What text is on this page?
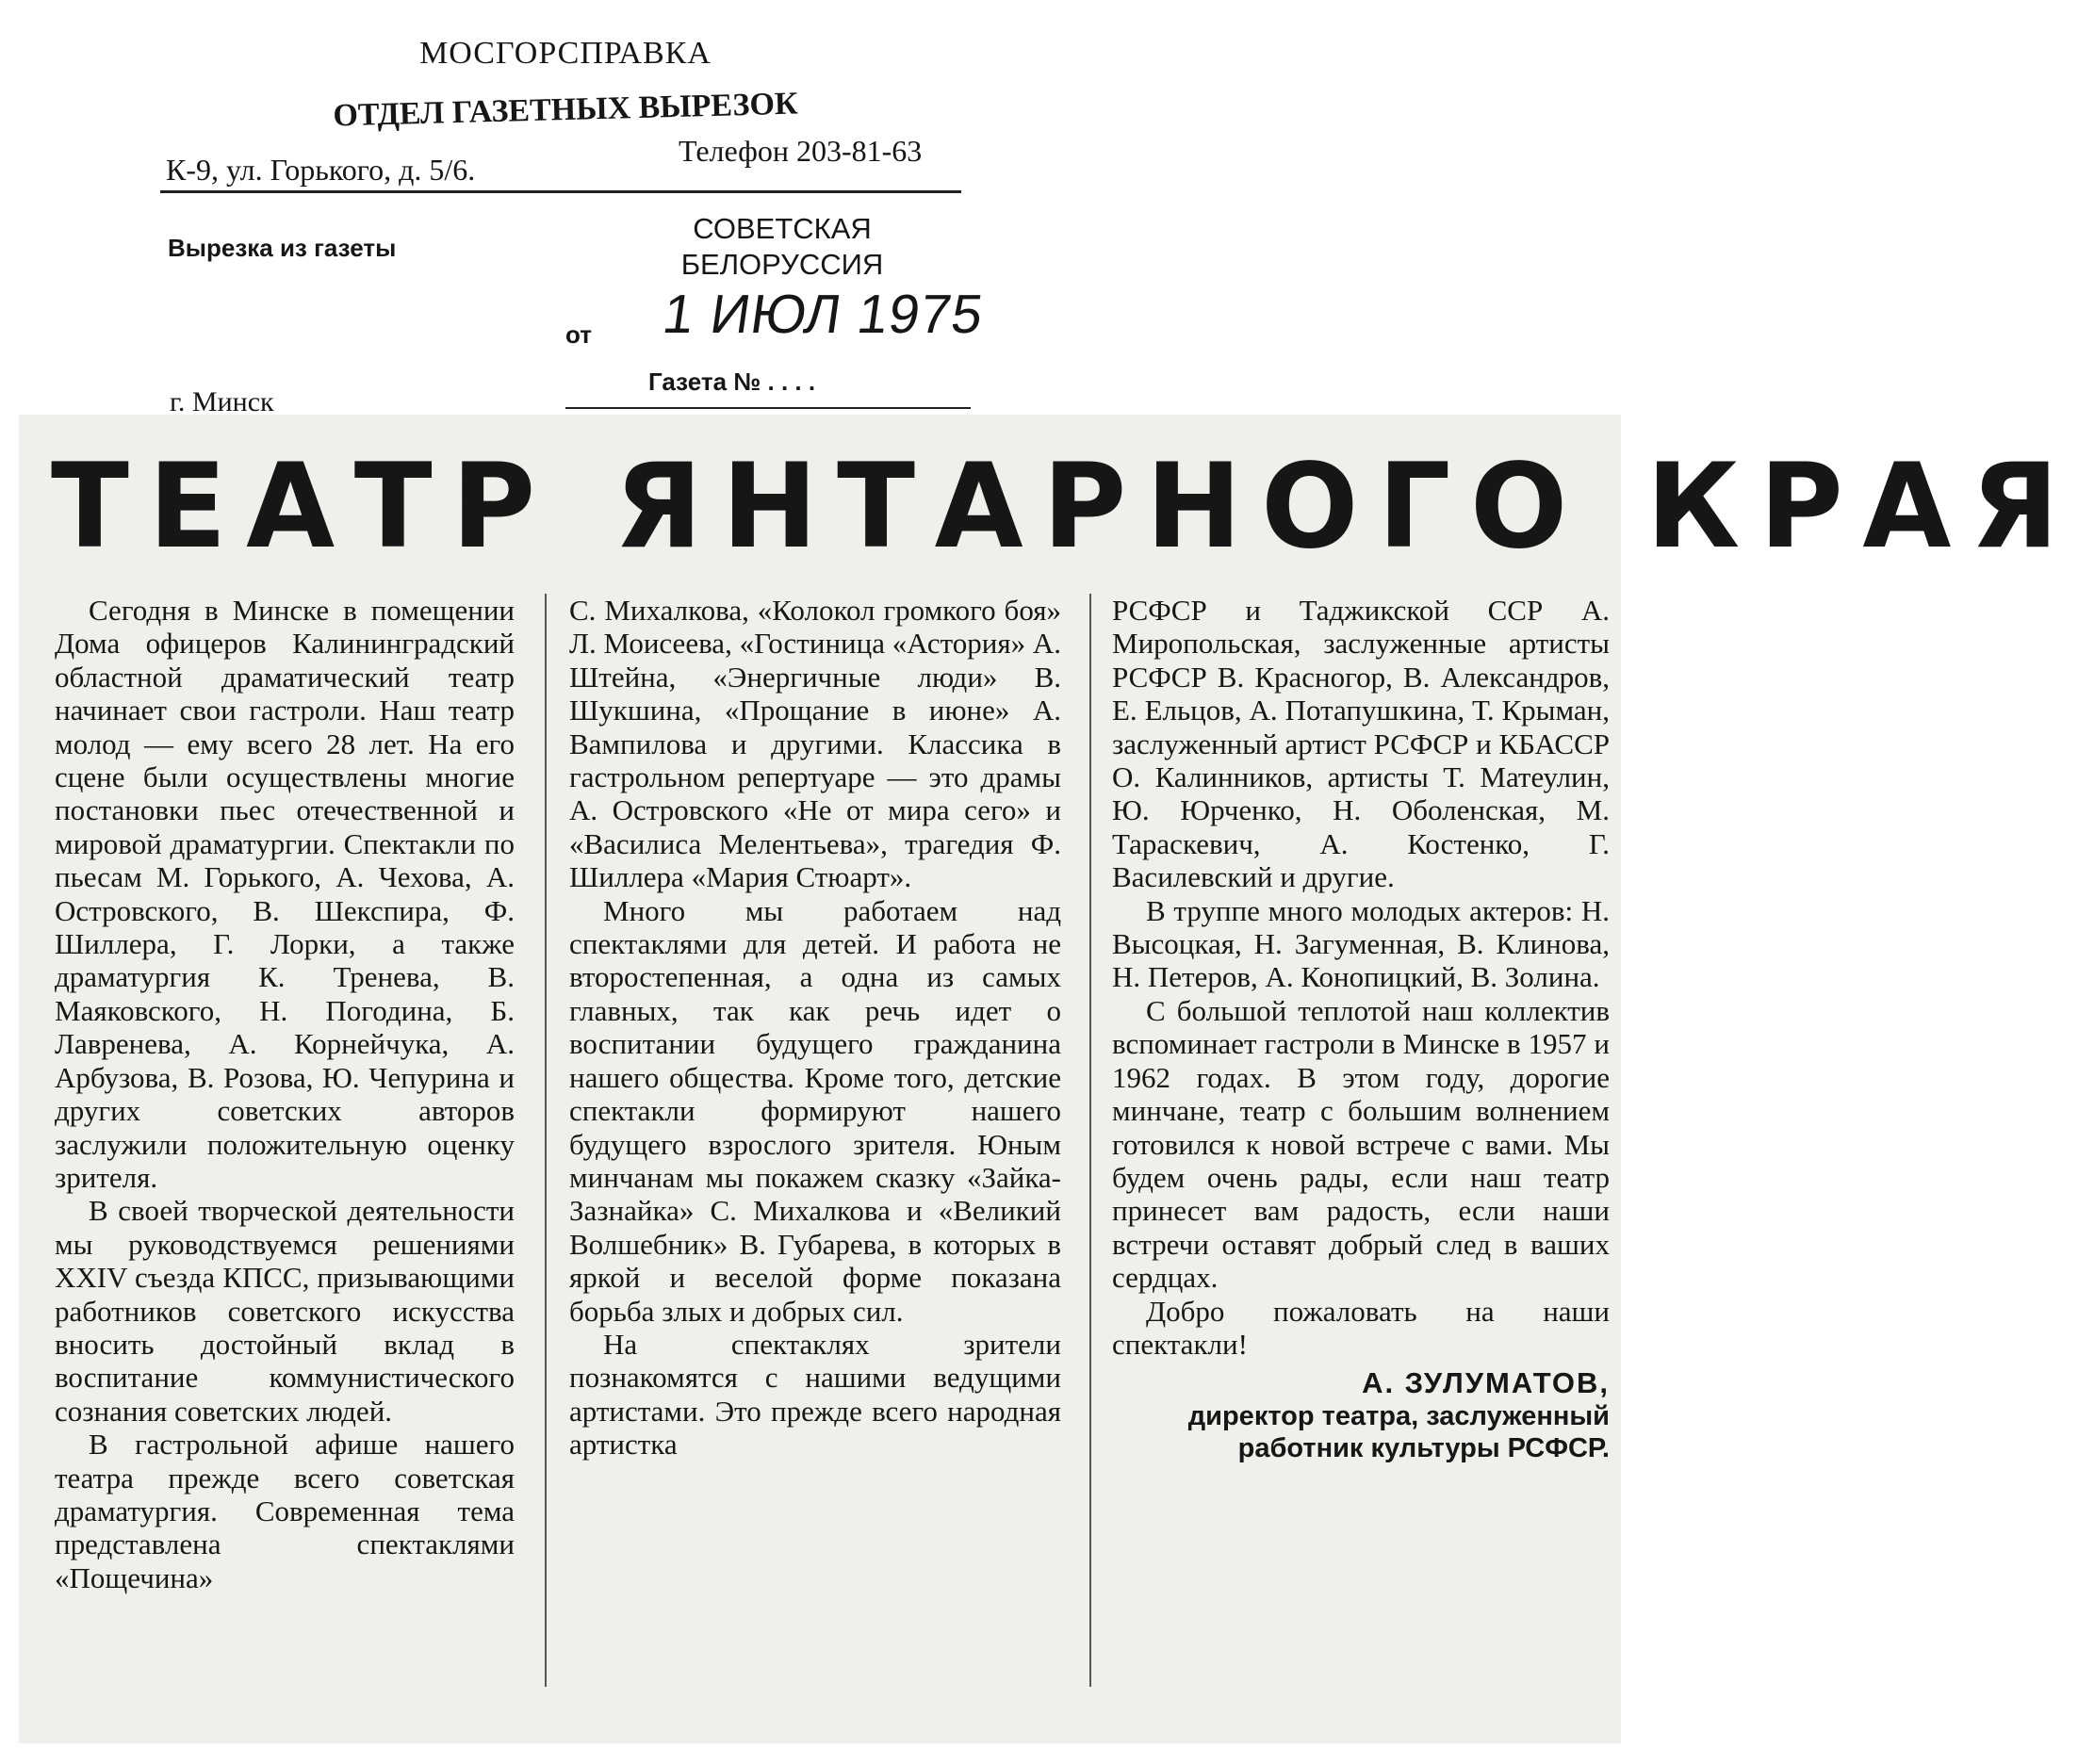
МОСГОРСПРАВКА
ОТДЕЛ ГАЗЕТНЫХ ВЫРЕЗОК
К-9, ул. Горького, д. 5/6.
Телефон 203-81-63
Вырезка из газеты
СОВЕТСКАЯ БЕЛОРУССИЯ
от 1 ИЮЛ 1975
Газета № . . . .
г. Минск
ТЕАТР ЯНТАРНОГО КРАЯ

Сегодня в Минске в помещении Дома офицеров Калининградский областной драматический театр начинает свои гастроли. Наш театр молод — ему всего 28 лет. На его сцене были осуществлены многие постановки пьес отечественной и мировой драматургии. Спектакли по пьесам М. Горького, А. Чехова, А. Островского, В. Шекспира, Ф. Шиллера, Г. Лорки, а также драматургия К. Тренева, В. Маяковского, Н. Погодина, Б. Лавренева, А. Корнейчука, А. Арбузова, В. Розова, Ю. Чепурина и других советских авторов заслужили положительную оценку зрителя.

В своей творческой деятельности мы руководствуемся решениями XXIV съезда КПСС, призывающими работников советского искусства вносить достойный вклад в воспитание коммунистического сознания советских людей.

В гастрольной афише нашего театра прежде всего советская драматургия. Современная тема представлена спектаклями «Пощечина»

С. Михалкова, «Колокол громкого боя» Л. Моисеева, «Гостиница «Астория» А. Штейна, «Энергичные люди» В. Шукшина, «Прощание в июне» А. Вампилова и другими. Классика в гастрольном репертуаре — это драмы А. Островского «Не от мира сего» и «Василиса Мелентьева», трагедия Ф. Шиллера «Мария Стюарт».

Много мы работаем над спектаклями для детей. И работа не второстепенная, а одна из самых главных, так как речь идет о воспитании будущего гражданина нашего общества. Кроме того, детские спектакли формируют нашего будущего взрослого зрителя. Юным минчанам мы покажем сказку «Зайка-Зазнайка» С. Михалкова и «Великий Волшебник» В. Губарева, в которых в яркой и веселой форме показана борьба злых и добрых сил.

На спектаклях зрители познакомятся с нашими ведущими артистами. Это прежде всего народная артистка

РСФСР и Таджикской ССР А. Миропольская, заслуженные артисты РСФСР В. Красногор, В. Александров, Е. Ельцов, А. Потапушкина, Т. Крыман, заслуженный артист РСФСР и КБАССР О. Калинников, артисты Т. Матеулин, Ю. Юрченко, Н. Оболенская, М. Тараскевич, А. Костенко, Г. Василевский и другие.

В труппе много молодых актеров: Н. Высоцкая, Н. Загуменная, В. Клинова, Н. Петеров, А. Конопицкий, В. Золина.

С большой теплотой наш коллектив вспоминает гастроли в Минске в 1957 и 1962 годах. В этом году, дорогие минчане, театр с большим волнением готовился к новой встрече с вами. Мы будем очень рады, если наш театр принесет вам радость, если наши встречи оставят добрый след в ваших сердцах.

Добро пожаловать на наши спектакли!

А. ЗУЛУМАТОВ,

директор театра, заслуженный работник культуры РСФСР.
